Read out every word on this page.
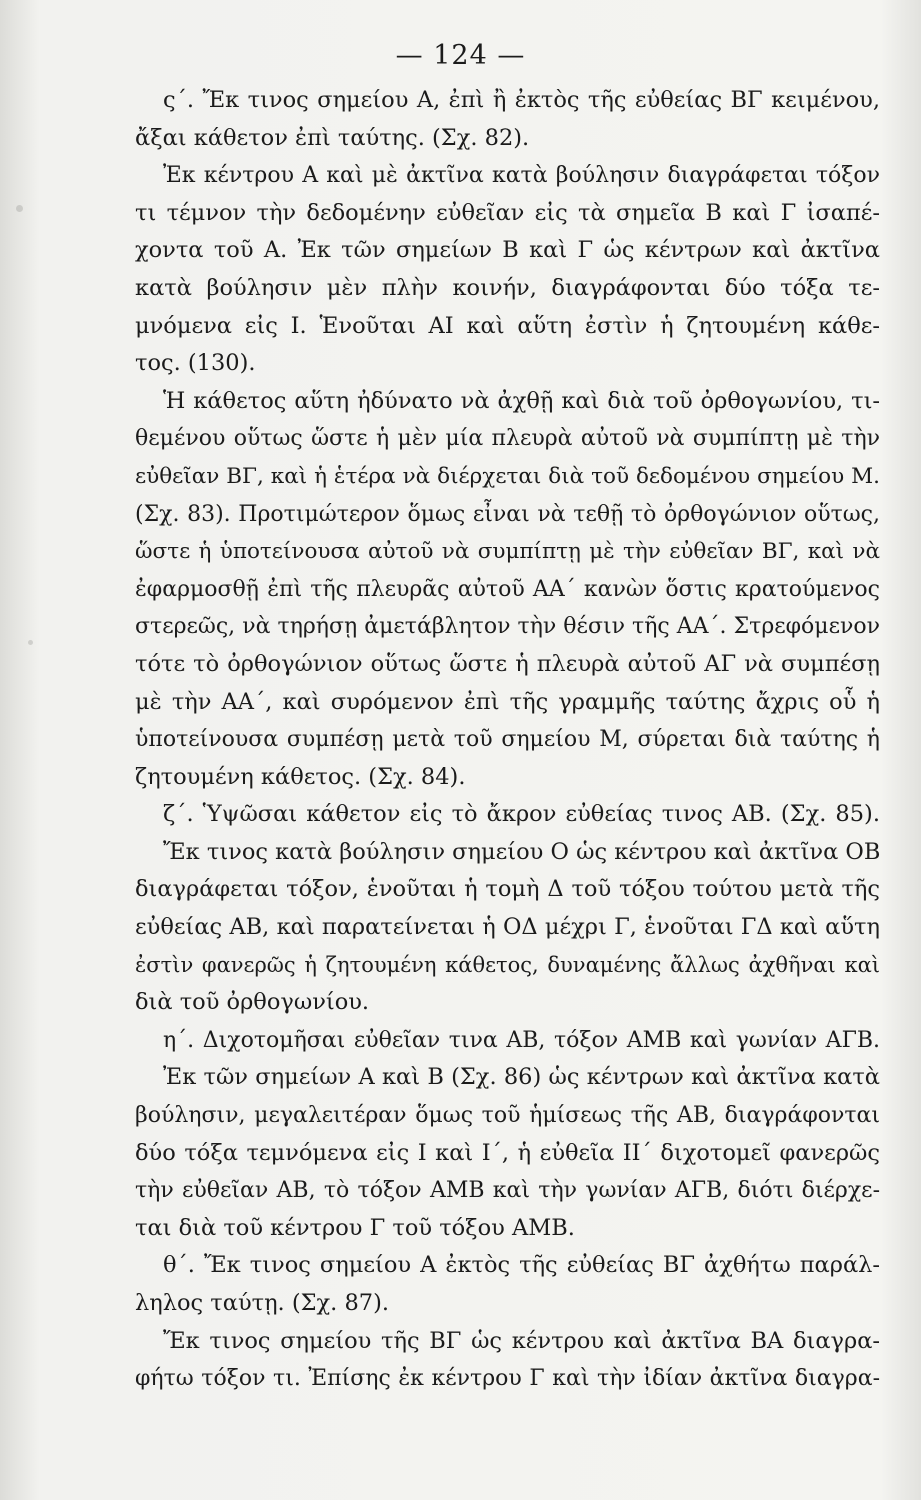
— 124 —
ς΄. Ἔκ τινος σημείου Α, ἐπὶ ἢ ἐκτὸς τῆς εὐθείας ΒΓ κειμένου,
ἄξαι κάθετον ἐπὶ ταύτης. (Σχ. 82).
Ἐκ κέντρου Α καὶ μὲ ἀκτῖνα κατὰ βούλησιν διαγράφεται τόξον
τι τέμνον τὴν δεδομένην εὐθεῖαν εἰς τὰ σημεῖα Β καὶ Γ ἰσαπέ-
χοντα τοῦ Α. Ἐκ τῶν σημείων Β καὶ Γ ὡς κέντρων καὶ ἀκτῖνα
κατὰ βούλησιν μὲν πλὴν κοινήν, διαγράφονται δύο τόξα τε-
μνόμενα εἰς Ι. Ἑνοῦται ΑΙ καὶ αὕτη ἐστὶν ἡ ζητουμένη κάθε-
τος. (130).
Ἡ κάθετος αὕτη ἠδύνατο νὰ ἀχθῇ καὶ διὰ τοῦ ὀρθογωνίου, τι-
θεμένου οὕτως ὥστε ἡ μὲν μία πλευρὰ αὐτοῦ νὰ συμπίπτῃ μὲ τὴν
εὐθεῖαν ΒΓ, καὶ ἡ ἑτέρα νὰ διέρχεται διὰ τοῦ δεδομένου σημείου Μ.
(Σχ. 83). Προτιμώτερον ὅμως εἶναι νὰ τεθῇ τὸ ὀρθογώνιον οὕτως,
ὥστε ἡ ὑποτείνουσα αὐτοῦ νὰ συμπίπτῃ μὲ τὴν εὐθεῖαν ΒΓ, καὶ νὰ
ἐφαρμοσθῇ ἐπὶ τῆς πλευρᾶς αὐτοῦ ΑΑ΄ κανὼν ὅστις κρατούμενος
στερεῶς, νὰ τηρήσῃ ἀμετάβλητον τὴν θέσιν τῆς ΑΑ΄. Στρεφόμενον
τότε τὸ ὀρθογώνιον οὕτως ὥστε ἡ πλευρὰ αὐτοῦ ΑΓ νὰ συμπέσῃ
μὲ τὴν ΑΑ΄, καὶ συρόμενον ἐπὶ τῆς γραμμῆς ταύτης ἄχρις οὗ ἡ
ὑποτείνουσα συμπέσῃ μετὰ τοῦ σημείου Μ, σύρεται διὰ ταύτης ἡ
ζητουμένη κάθετος. (Σχ. 84).
ζ΄. Ὑψῶσαι κάθετον εἰς τὸ ἄκρον εὐθείας τινος ΑΒ. (Σχ. 85).
Ἔκ τινος κατὰ βούλησιν σημείου Ο ὡς κέντρου καὶ ἀκτῖνα ΟΒ
διαγράφεται τόξον, ἑνοῦται ἡ τομὴ Δ τοῦ τόξου τούτου μετὰ τῆς
εὐθείας ΑΒ, καὶ παρατείνεται ἡ ΟΔ μέχρι Γ, ἑνοῦται ΓΔ καὶ αὕτη
ἐστὶν φανερῶς ἡ ζητουμένη κάθετος, δυναμένης ἄλλως ἀχθῆναι καὶ
διὰ τοῦ ὀρθογωνίου.
η΄. Διχοτομῆσαι εὐθεῖαν τινα ΑΒ, τόξον ΑΜΒ καὶ γωνίαν ΑΓΒ.
Ἐκ τῶν σημείων Α καὶ Β (Σχ. 86) ὡς κέντρων καὶ ἀκτῖνα κατὰ
βούλησιν, μεγαλειτέραν ὅμως τοῦ ἡμίσεως τῆς ΑΒ, διαγράφονται
δύο τόξα τεμνόμενα εἰς Ι καὶ Ι΄, ἡ εὐθεῖα ΙΙ΄ διχοτομεῖ φανερῶς
τὴν εὐθεῖαν ΑΒ, τὸ τόξον ΑΜΒ καὶ τὴν γωνίαν ΑΓΒ, διότι διέρχε-
ται διὰ τοῦ κέντρου Γ τοῦ τόξου ΑΜΒ.
θ΄. Ἔκ τινος σημείου Α ἐκτὸς τῆς εὐθείας ΒΓ ἀχθήτω παράλ-
ληλος ταύτῃ. (Σχ. 87).
Ἔκ τινος σημείου τῆς ΒΓ ὡς κέντρου καὶ ἀκτῖνα ΒΑ διαγρα-
φήτω τόξον τι. Ἐπίσης ἐκ κέντρου Γ καὶ τὴν ἰδίαν ἀκτῖνα διαγρα-
